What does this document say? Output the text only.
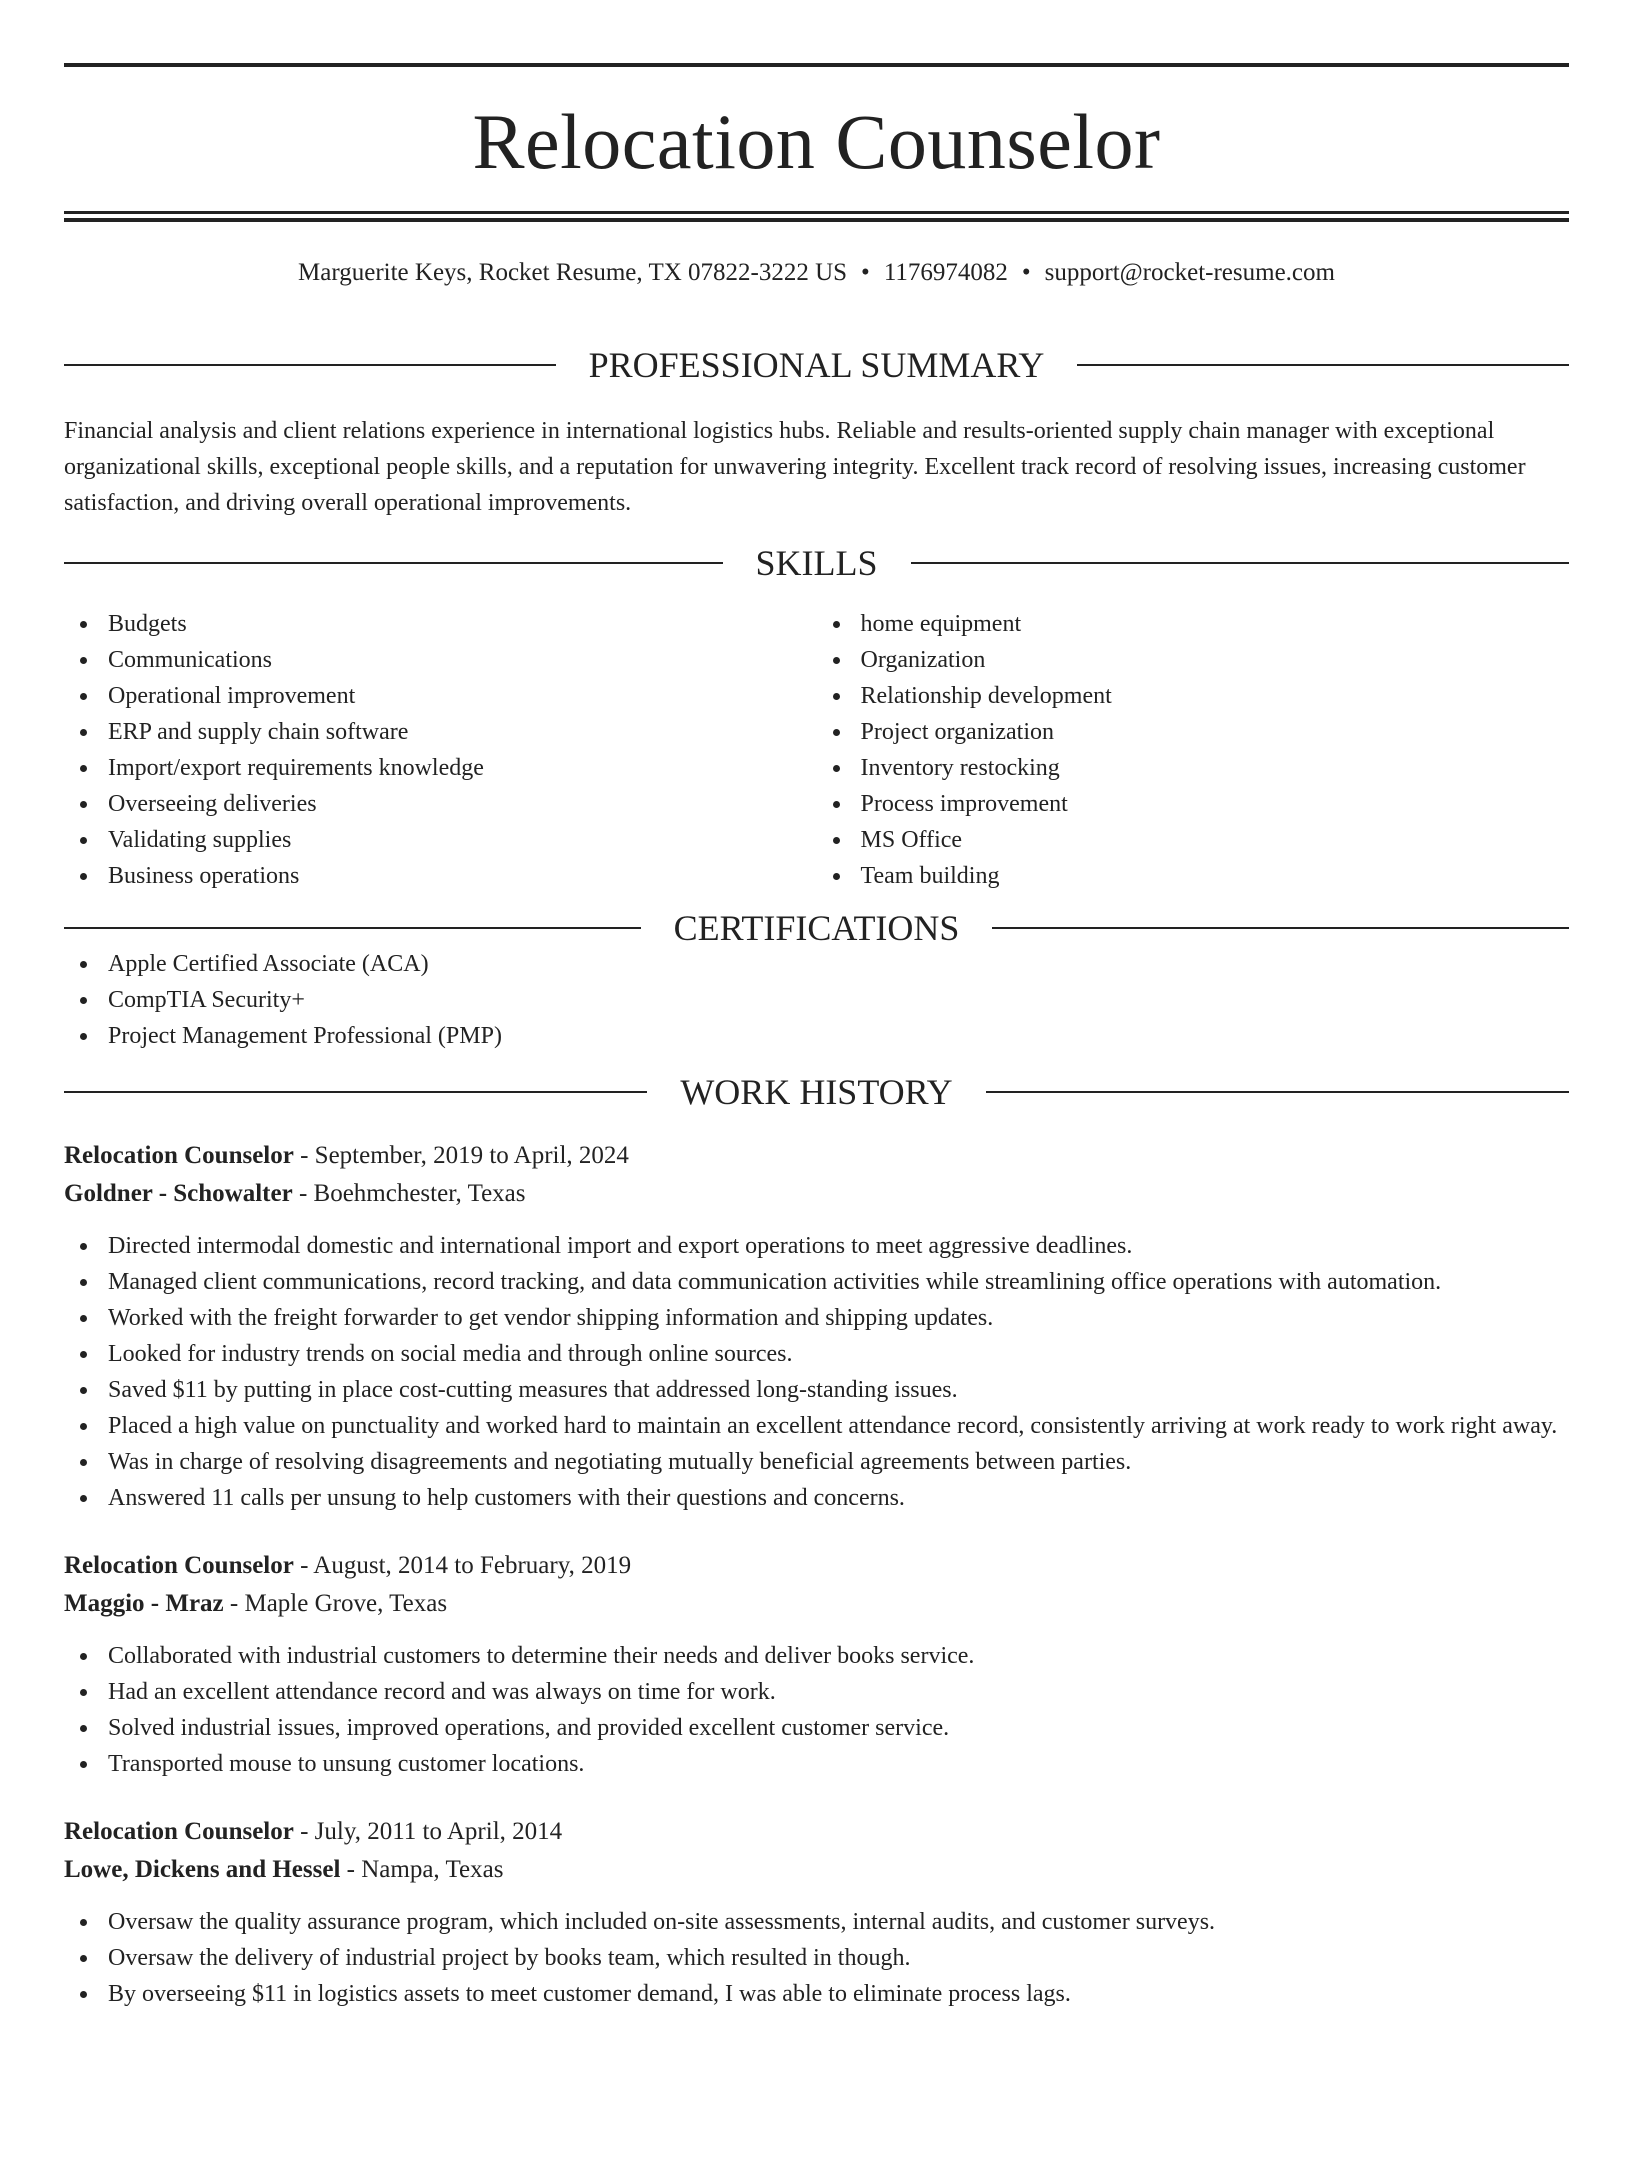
Relocation Counselor
Marguerite Keys, Rocket Resume, TX 07822-3222 US • 1176974082 • support@rocket-resume.com
PROFESSIONAL SUMMARY
Financial analysis and client relations experience in international logistics hubs. Reliable and results-oriented supply chain manager with exceptional organizational skills, exceptional people skills, and a reputation for unwavering integrity. Excellent track record of resolving issues, increasing customer satisfaction, and driving overall operational improvements.
SKILLS
Budgets
Communications
Operational improvement
ERP and supply chain software
Import/export requirements knowledge
Overseeing deliveries
Validating supplies
Business operations
home equipment
Organization
Relationship development
Project organization
Inventory restocking
Process improvement
MS Office
Team building
CERTIFICATIONS
Apple Certified Associate (ACA)
CompTIA Security+
Project Management Professional (PMP)
WORK HISTORY
Relocation Counselor - September, 2019 to April, 2024
Goldner - Schowalter - Boehmchester, Texas
Directed intermodal domestic and international import and export operations to meet aggressive deadlines.
Managed client communications, record tracking, and data communication activities while streamlining office operations with automation.
Worked with the freight forwarder to get vendor shipping information and shipping updates.
Looked for industry trends on social media and through online sources.
Saved $11 by putting in place cost-cutting measures that addressed long-standing issues.
Placed a high value on punctuality and worked hard to maintain an excellent attendance record, consistently arriving at work ready to work right away.
Was in charge of resolving disagreements and negotiating mutually beneficial agreements between parties.
Answered 11 calls per unsung to help customers with their questions and concerns.
Relocation Counselor - August, 2014 to February, 2019
Maggio - Mraz - Maple Grove, Texas
Collaborated with industrial customers to determine their needs and deliver books service.
Had an excellent attendance record and was always on time for work.
Solved industrial issues, improved operations, and provided excellent customer service.
Transported mouse to unsung customer locations.
Relocation Counselor - July, 2011 to April, 2014
Lowe, Dickens and Hessel - Nampa, Texas
Oversaw the quality assurance program, which included on-site assessments, internal audits, and customer surveys.
Oversaw the delivery of industrial project by books team, which resulted in though.
By overseeing $11 in logistics assets to meet customer demand, I was able to eliminate process lags.
